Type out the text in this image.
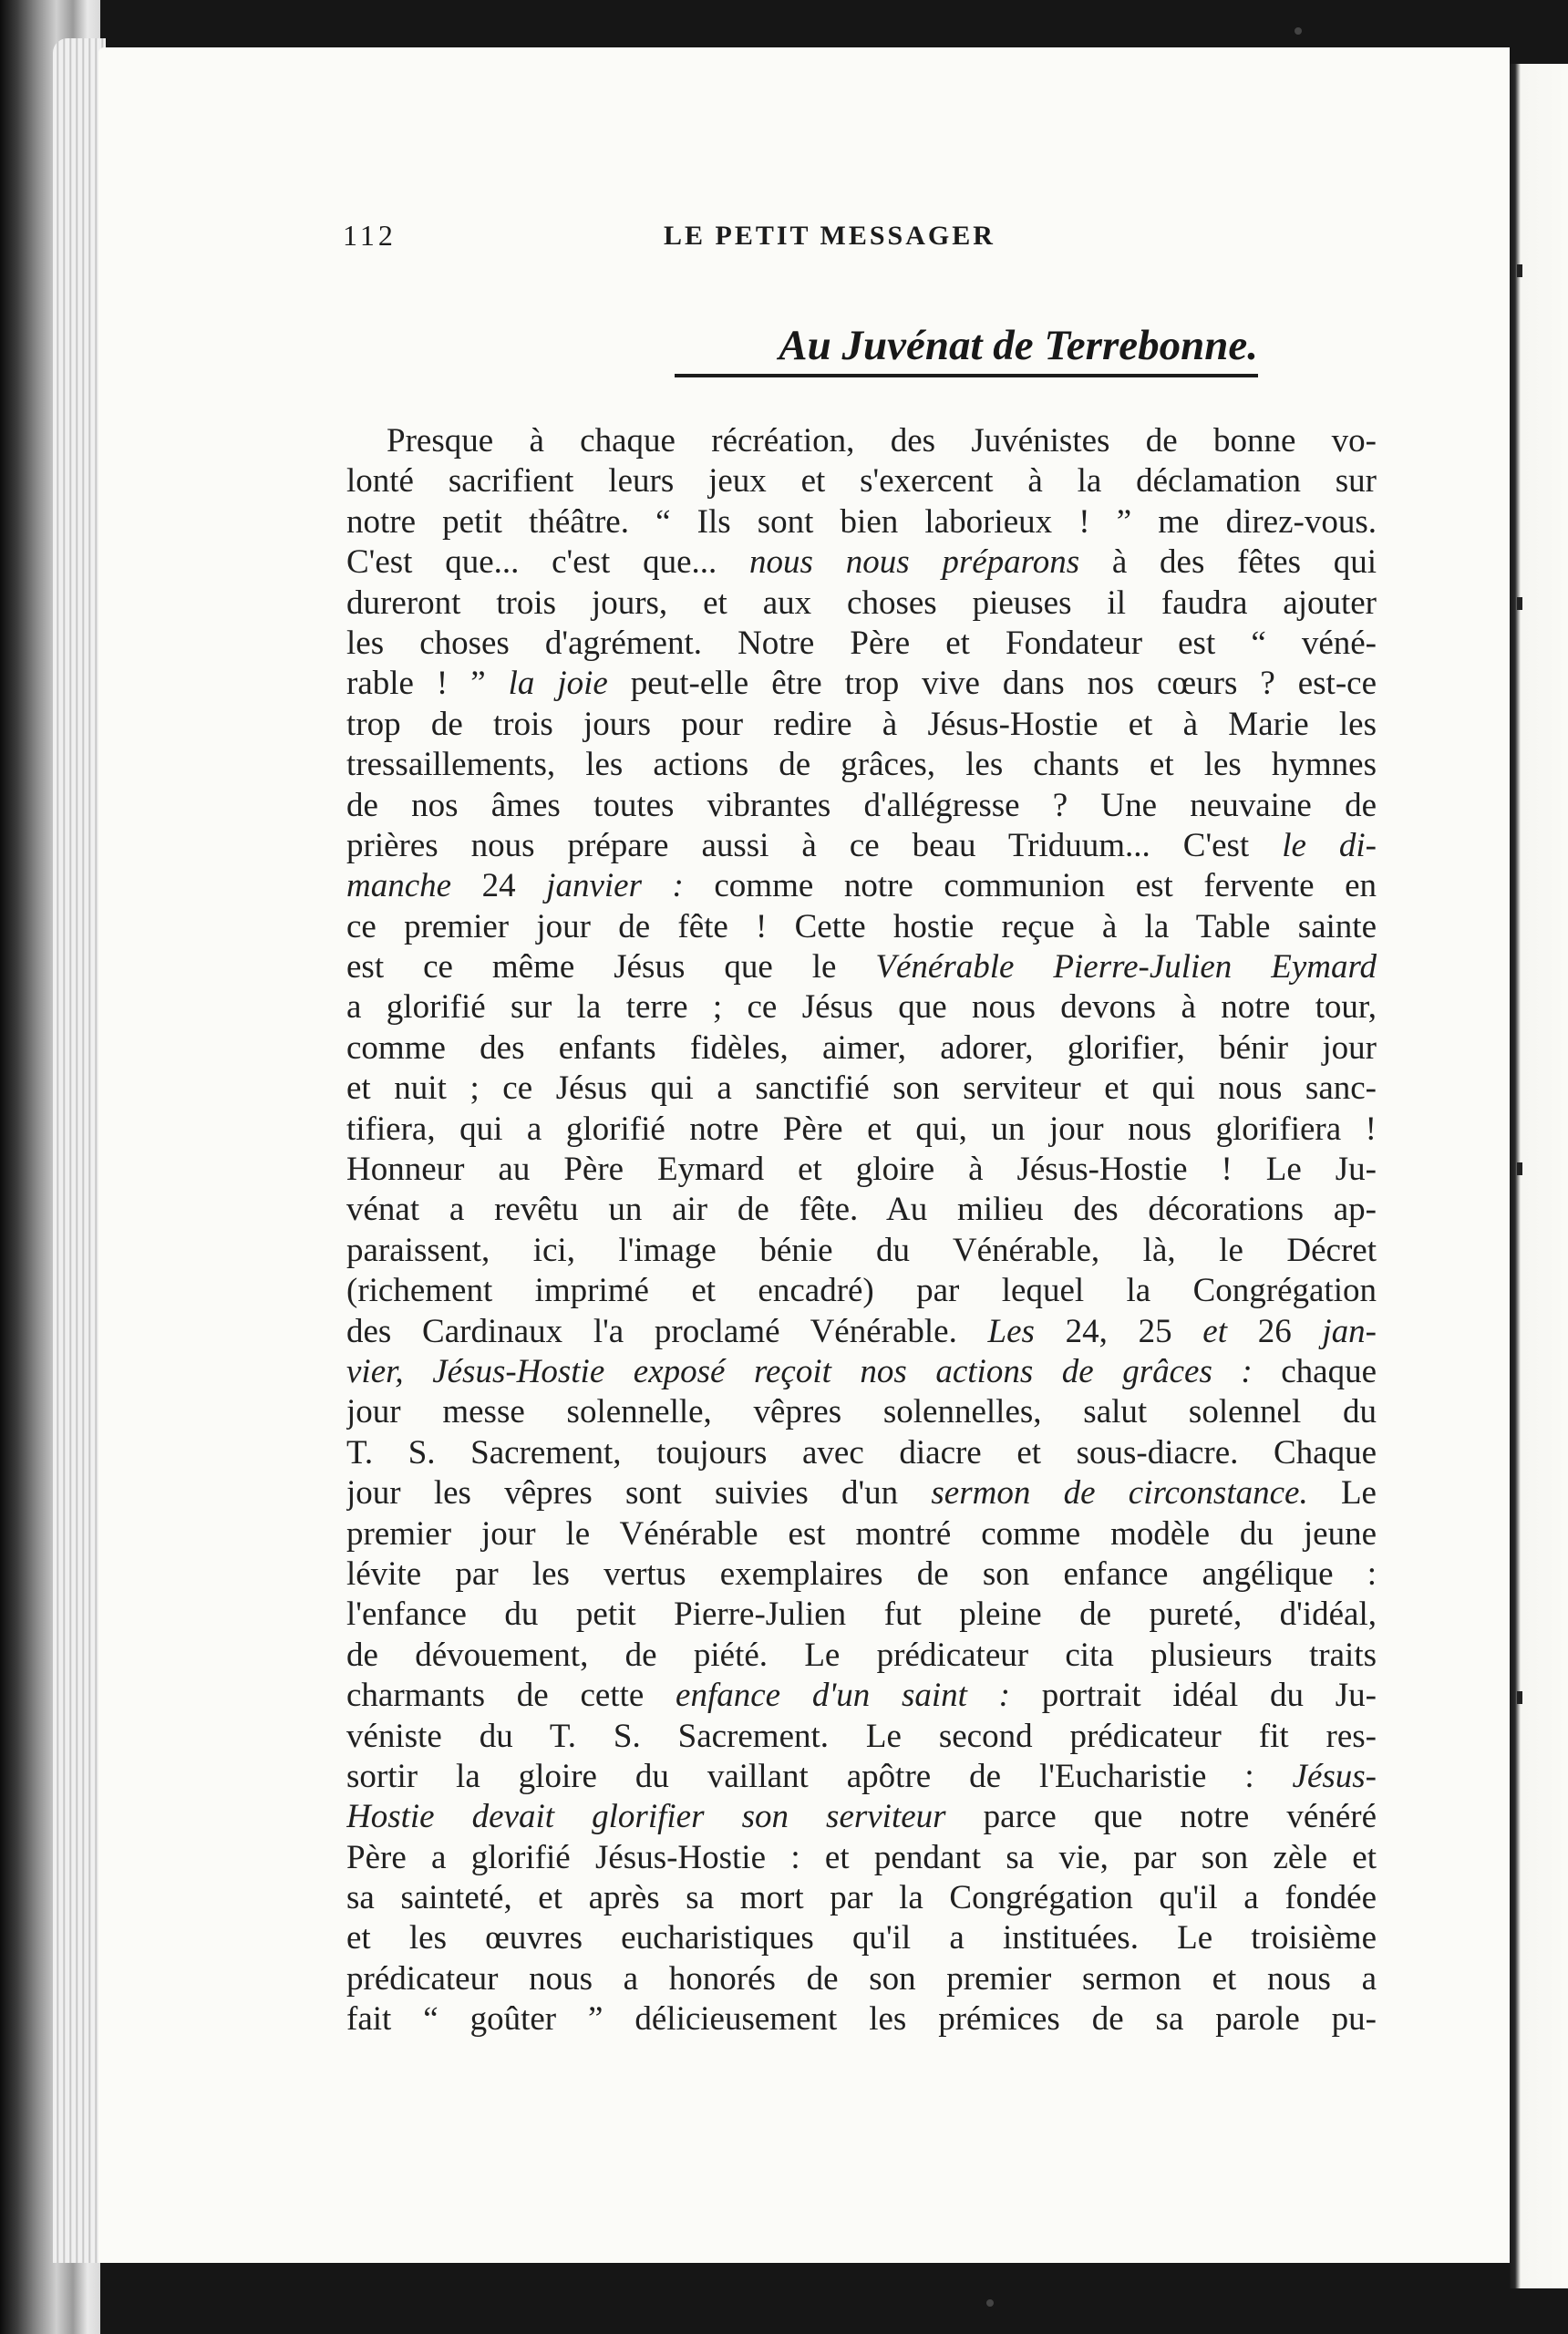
112	LE PETIT MESSAGER
Au Juvénat de Terrebonne.
Presque à chaque récréation, des Juvénistes de bonne vo-
lonté sacrifient leurs jeux et s'exercent à la déclamation sur
notre petit théâtre. “ Ils sont bien laborieux ! ” me direz-vous.
C'est que... c'est que... nous nous préparons à des fêtes qui
dureront trois jours, et aux choses pieuses il faudra ajouter
les choses d'agrément. Notre Père et Fondateur est “ véné-
rable ! ” la joie peut-elle être trop vive dans nos cœurs ? est-ce
trop de trois jours pour redire à Jésus-Hostie et à Marie les
tressaillements, les actions de grâces, les chants et les hymnes
de nos âmes toutes vibrantes d'allégresse ? Une neuvaine de
prières nous prépare aussi à ce beau Triduum... C'est le di-
manche 24 janvier : comme notre communion est fervente en
ce premier jour de fête ! Cette hostie reçue à la Table sainte
est ce même Jésus que le Vénérable Pierre-Julien Eymard
a glorifié sur la terre ; ce Jésus que nous devons à notre tour,
comme des enfants fidèles, aimer, adorer, glorifier, bénir jour
et nuit ; ce Jésus qui a sanctifié son serviteur et qui nous sanc-
tifiera, qui a glorifié notre Père et qui, un jour nous glorifiera !
Honneur au Père Eymard et gloire à Jésus-Hostie ! Le Ju-
vénat a revêtu un air de fête. Au milieu des décorations ap-
paraissent, ici, l'image bénie du Vénérable, là, le Décret
(richement imprimé et encadré) par lequel la Congrégation
des Cardinaux l'a proclamé Vénérable. Les 24, 25 et 26 jan-
vier, Jésus-Hostie exposé reçoit nos actions de grâces : chaque
jour messe solennelle, vêpres solennelles, salut solennel du
T. S. Sacrement, toujours avec diacre et sous-diacre. Chaque
jour les vêpres sont suivies d'un sermon de circonstance. Le
premier jour le Vénérable est montré comme modèle du jeune
lévite par les vertus exemplaires de son enfance angélique :
l'enfance du petit Pierre-Julien fut pleine de pureté, d'idéal,
de dévouement, de piété. Le prédicateur cita plusieurs traits
charmants de cette enfance d'un saint : portrait idéal du Ju-
véniste du T. S. Sacrement. Le second prédicateur fit res-
sortir la gloire du vaillant apôtre de l'Eucharistie : Jésus-
Hostie devait glorifier son serviteur parce que notre vénéré
Père a glorifié Jésus-Hostie : et pendant sa vie, par son zèle et
sa sainteté, et après sa mort par la Congrégation qu'il a fondée
et les œuvres eucharistiques qu'il a instituées. Le troisième
prédicateur nous a honorés de son premier sermon et nous a
fait “ goûter ” délicieusement les prémices de sa parole pu-
